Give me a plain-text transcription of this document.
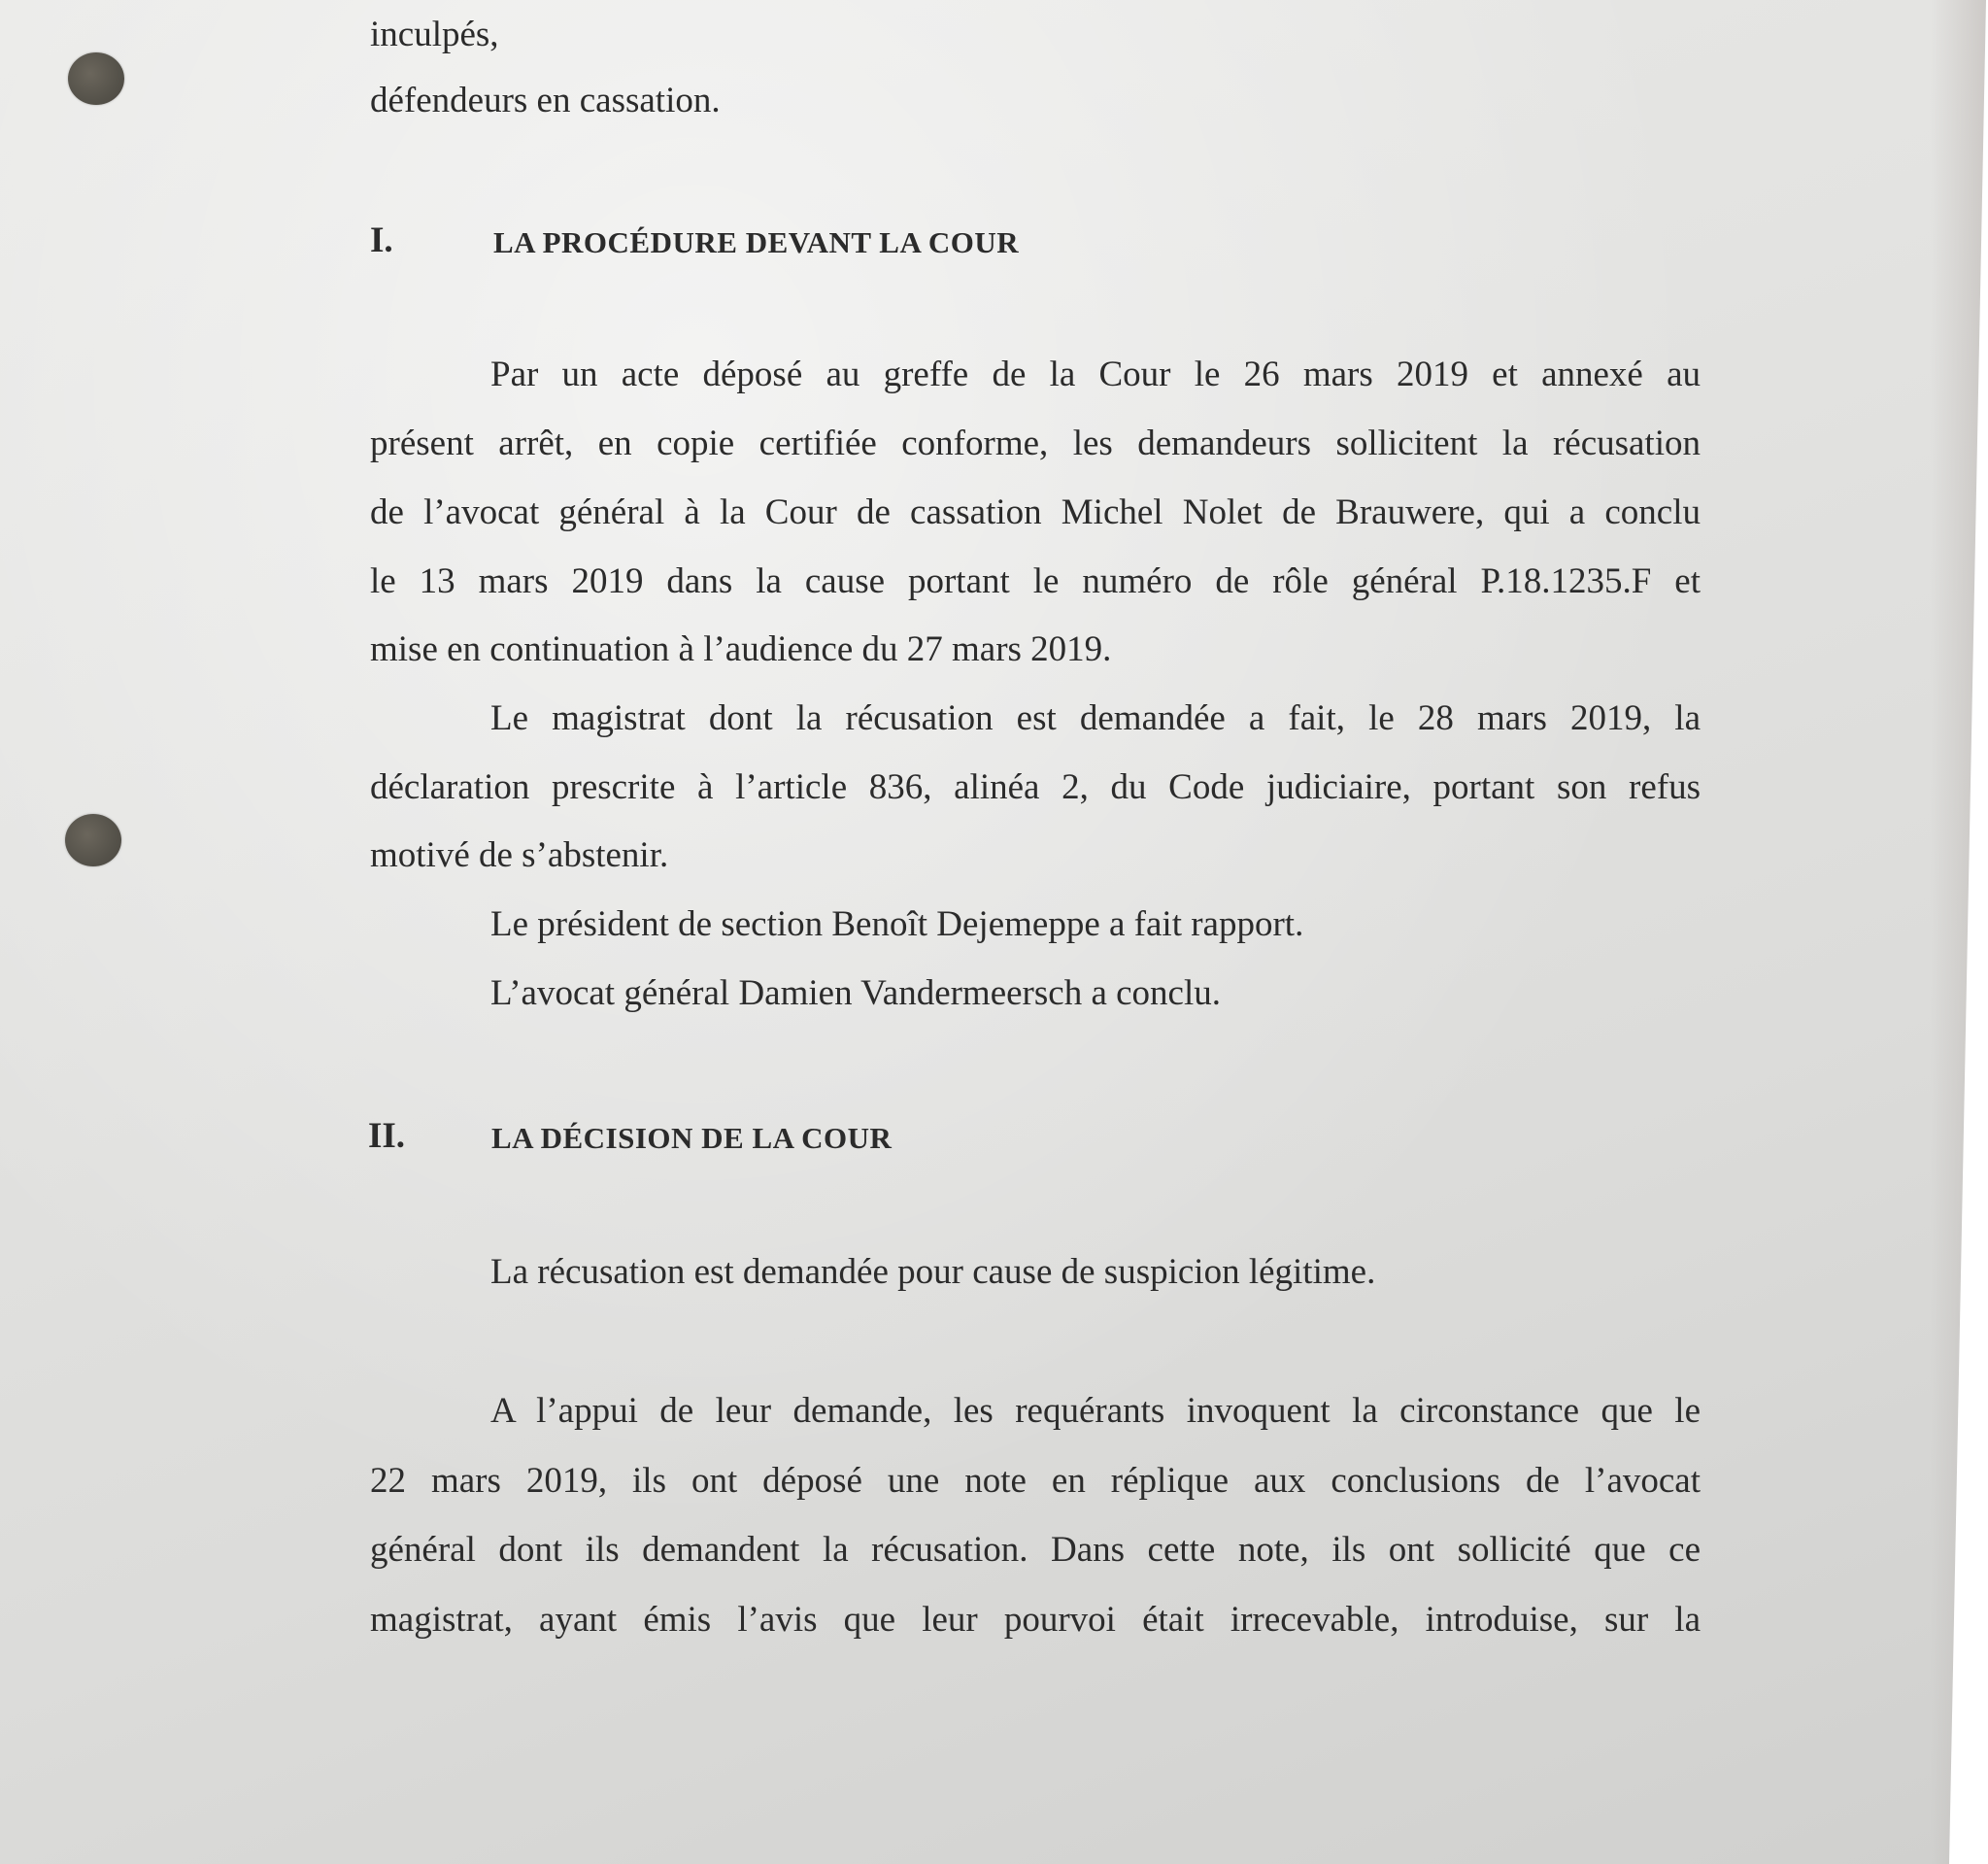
inculpés,
défendeurs en cassation.
I.	LA PROCÉDURE DEVANT LA COUR
Par un acte déposé au greffe de la Cour le 26 mars 2019 et annexé au
présent arrêt, en copie certifiée conforme, les demandeurs sollicitent la récusation
de l’avocat général à la Cour de cassation Michel Nolet de Brauwere, qui a conclu
le 13 mars 2019 dans la cause portant le numéro de rôle général P.18.1235.F et
mise en continuation à l’audience du 27 mars 2019.
Le magistrat dont la récusation est demandée a fait, le 28 mars 2019, la
déclaration prescrite à l’article 836, alinéa 2, du Code judiciaire, portant son refus
motivé de s’abstenir.
Le président de section Benoît Dejemeppe a fait rapport.
L’avocat général Damien Vandermeersch a conclu.
II.	LA DÉCISION DE LA COUR
La récusation est demandée pour cause de suspicion légitime.
A l’appui de leur demande, les requérants invoquent la circonstance que le
22 mars 2019, ils ont déposé une note en réplique aux conclusions de l’avocat
général dont ils demandent la récusation. Dans cette note, ils ont sollicité que ce
magistrat, ayant émis l’avis que leur pourvoi était irrecevable, introduise, sur la
